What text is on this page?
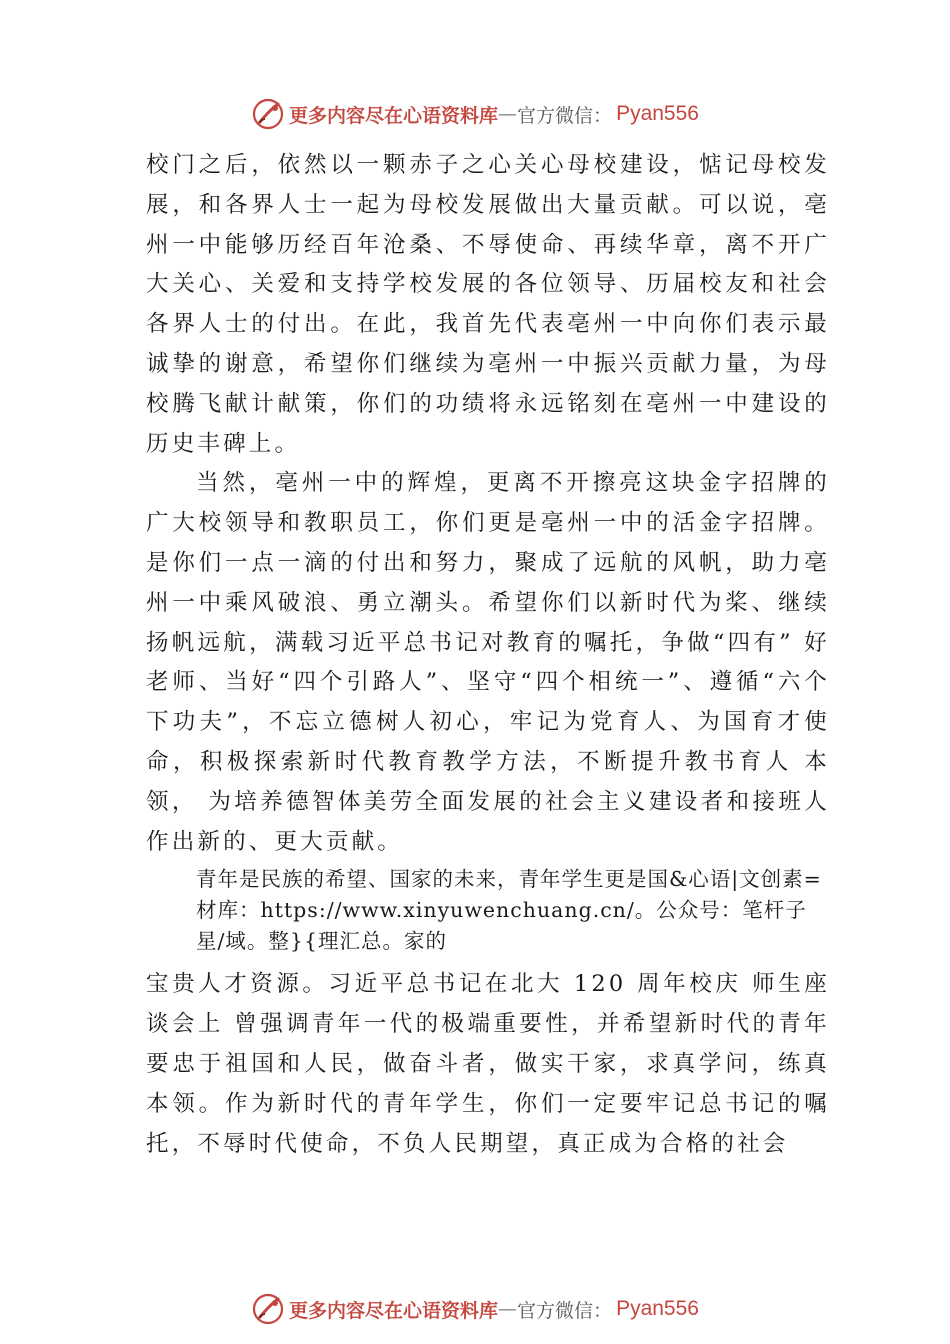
更多内容尽在心语资料库 — 官方微信： Pyan556

校门之后，依然以一颗赤子之心关心母校建设，惦记母校发展，和各界人士一起为母校发展做出大量贡献。可以说，亳州一中能够历经百年沧桑、不辱使命、再续华章，离不开广大关心、关爱和支持学校发展的各位领导、历届校友和社会各界人士的付出。在此，我首先代表亳州一中向你们表示最诚挚的谢意，希望你们继续为亳州一中振兴贡献力量，为母校腾飞献计献策，你们的功绩将永远铭刻在亳州一中建设的历史丰碑上。

当然，亳州一中的辉煌，更离不开擦亮这块金字招牌的广大校领导和教职员工，你们更是亳州一中的活金字招牌。是你们一点一滴的付出和努力，聚成了远航的风帆，助力亳州一中乘风破浪、勇立潮头。希望你们以新时代为桨、继续扬帆远航，满载习近平总书记对教育的嘱托，争做“四有” 好老师、当好“四个引路人”、坚守“四个相统一”、遵循“六个下功夫”，不忘立德树人初心，牢记为党育人、为国育才使 命，积极探索新时代教育教学方法，不断提升教书育人 本领， 为培养德智体美劳全面发展的社会主义建设者和接班人作出新的、更大贡献。

青年是民族的希望、国家的未来，青年学生更是国&心语|文创素=材库：https://www.xinyuwenchuang.cn/。公众号：笔杆子星/域。整}{理汇总。家的

宝贵人才资源。习近平总书记在北大 120 周年校庆 师生座谈会上 曾强调青年一代的极端重要性，并希望新时代的青年要忠于祖国和人民，做奋斗者，做实干家，求真学问，练真本领。作为新时代的青年学生，你们一定要牢记总书记的嘱托，不辱时代使命，不负人民期望，真正成为合格的社会

更多内容尽在心语资料库 — 官方微信： Pyan556
